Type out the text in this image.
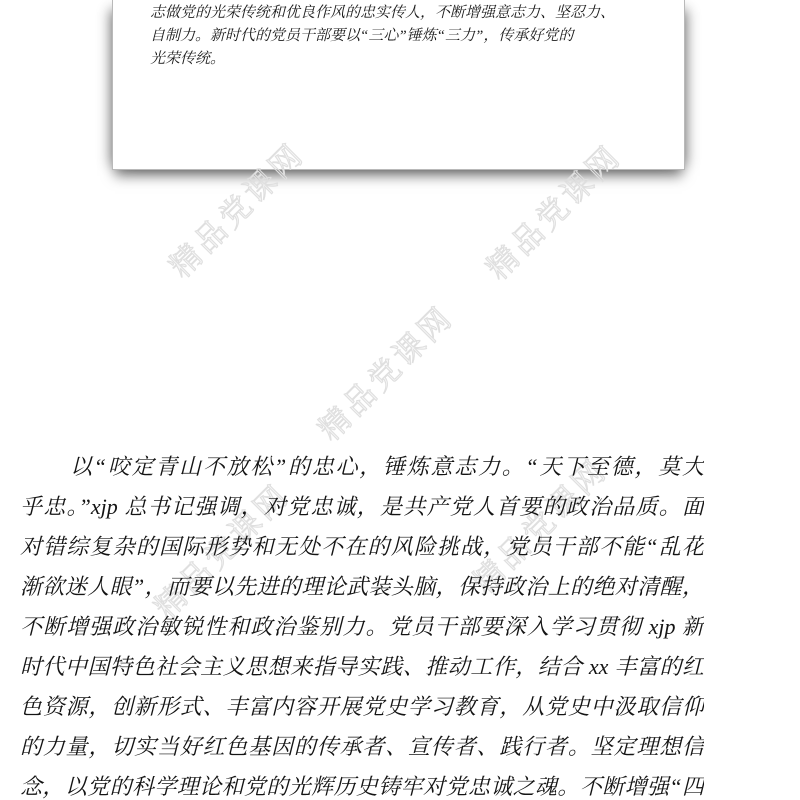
志做党的光荣传统和优良作风的忠实传人，不断增强意志力、坚忍力、
自制力。新时代的党员干部要以“三心”锤炼“三力”，传承好党的
光荣传统。
精品党课网	精品党课网
精品党课网
精品党课网
精品党课网
以“咬定青山不放松”的忠心，锤炼意志力。“天下至德，莫大
乎忠。”xjp 总书记强调，对党忠诚，是共产党人首要的政治品质。面
对错综复杂的国际形势和无处不在的风险挑战，党员干部不能“乱花
渐欲迷人眼”，而要以先进的理论武装头脑，保持政治上的绝对清醒，
不断增强政治敏锐性和政治鉴别力。党员干部要深入学习贯彻 xjp 新
时代中国特色社会主义思想来指导实践、推动工作，结合 xx 丰富的红
色资源，创新形式、丰富内容开展党史学习教育，从党史中汲取信仰
的力量，切实当好红色基因的传承者、宣传者、践行者。坚定理想信
念，以党的科学理论和党的光辉历史铸牢对党忠诚之魂。不断增强“四
